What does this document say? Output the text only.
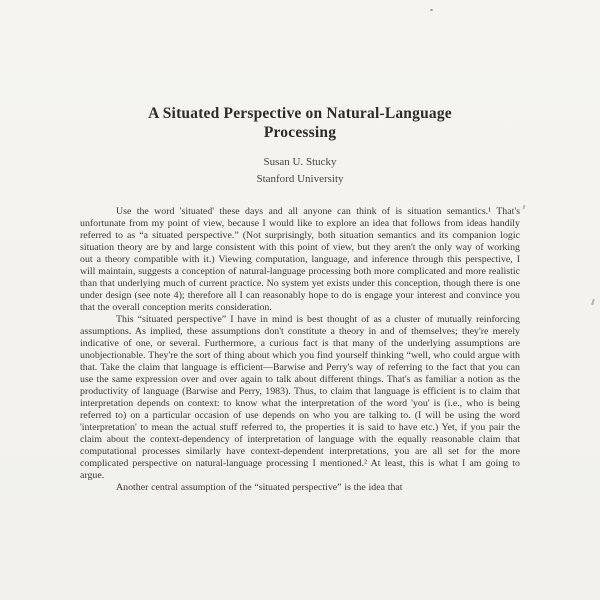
A Situated Perspective on Natural-Language Processing
Susan U. Stucky
Stanford University

Use the word 'situated' these days and all anyone can think of is situation semantics.¹ That's unfortunate from my point of view, because I would like to explore an idea that follows from ideas handily referred to as “a situated perspective.” (Not surprisingly, both situation semantics and its companion logic situation theory are by and large consistent with this point of view, but they aren't the only way of working out a theory compatible with it.) Viewing computation, language, and inference through this perspective, I will maintain, suggests a conception of natural-language processing both more complicated and more realistic than that underlying much of current practice. No system yet exists under this conception, though there is one under design (see note 4); therefore all I can reasonably hope to do is engage your interest and convince you that the overall conception merits consideration.

This “situated perspective” I have in mind is best thought of as a cluster of mutually reinforcing assumptions. As implied, these assumptions don't constitute a theory in and of themselves; they're merely indicative of one, or several. Furthermore, a curious fact is that many of the underlying assumptions are unobjectionable. They're the sort of thing about which you find yourself thinking “well, who could argue with that. Take the claim that language is efficient—Barwise and Perry's way of referring to the fact that you can use the same expression over and over again to talk about different things. That's as familiar a notion as the productivity of language (Barwise and Perry, 1983). Thus, to claim that language is efficient is to claim that interpretation depends on context: to know what the interpretation of the word 'you' is (i.e., who is being referred to) on a particular occasion of use depends on who you are talking to. (I will be using the word 'interpretation' to mean the actual stuff referred to, the properties it is said to have etc.) Yet, if you pair the claim about the context-dependency of interpretation of language with the equally reasonable claim that computational processes similarly have context-dependent interpretations, you are all set for the more complicated perspective on natural-language processing I mentioned.² At least, this is what I am going to argue.

Another central assumption of the “situated perspective” is the idea that
